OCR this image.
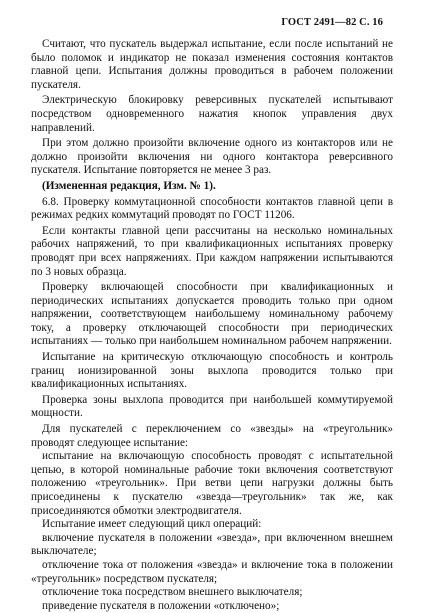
ГОСТ 2491—82 С. 16

Считают, что пускатель выдержал испытание, если после испытаний не было поломок и индикатор не показал изменения состояния контактов главной цепи. Испытания должны проводиться в рабочем положении пускателя.

Электрическую блокировку реверсивных пускателей испытывают посредством одновременного нажатия кнопок управления двух направлений.

При этом должно произойти включение одного из контакторов или не должно произойти включения ни одного контактора реверсивного пускателя. Испытание повторяется не менее 3 раз.

(Измененная редакция, Изм. № 1).

6.8. Проверку коммутационной способности контактов главной цепи в режимах редких коммутаций проводят по ГОСТ 11206.

Если контакты главной цепи рассчитаны на несколько номинальных рабочих напряжений, то при квалификационных испытаниях проверку проводят при всех напряжениях. При каждом напряжении испытываются по 3 новых образца.

Проверку включающей способности при квалификационных и периодических испытаниях допускается проводить только при одном напряжении, соответствующем наибольшему номинальному рабочему току, а проверку отключающей способности при периодических испытаниях — только при наибольшем номинальном рабочем напряжении.

Испытание на критическую отключающую способность и контроль границ ионизированной зоны выхлопа проводится только при квалификационных испытаниях.

Проверка зоны выхлопа проводится при наибольшей коммутируемой мощности.

Для пускателей с переключением со «звезды» на «треугольник» проводят следующее испытание:

испытание на включающую способность проводят с испытательной цепью, в которой номинальные рабочие токи включения соответствуют положению «треугольник». При ветви цепи нагрузки должны быть присоединены к пускателю «звезда—треугольник» так же, как присоединяются обмотки электродвигателя.

Испытание имеет следующий цикл операций:

включение пускателя в положении «звезда», при включенном внешнем выключателе;

отключение тока от положения «звезда» и включение тока в положении «треугольник» посредством пускателя;

отключение тока посредством внешнего выключателя;

приведение пускателя в положении «отключено»;
